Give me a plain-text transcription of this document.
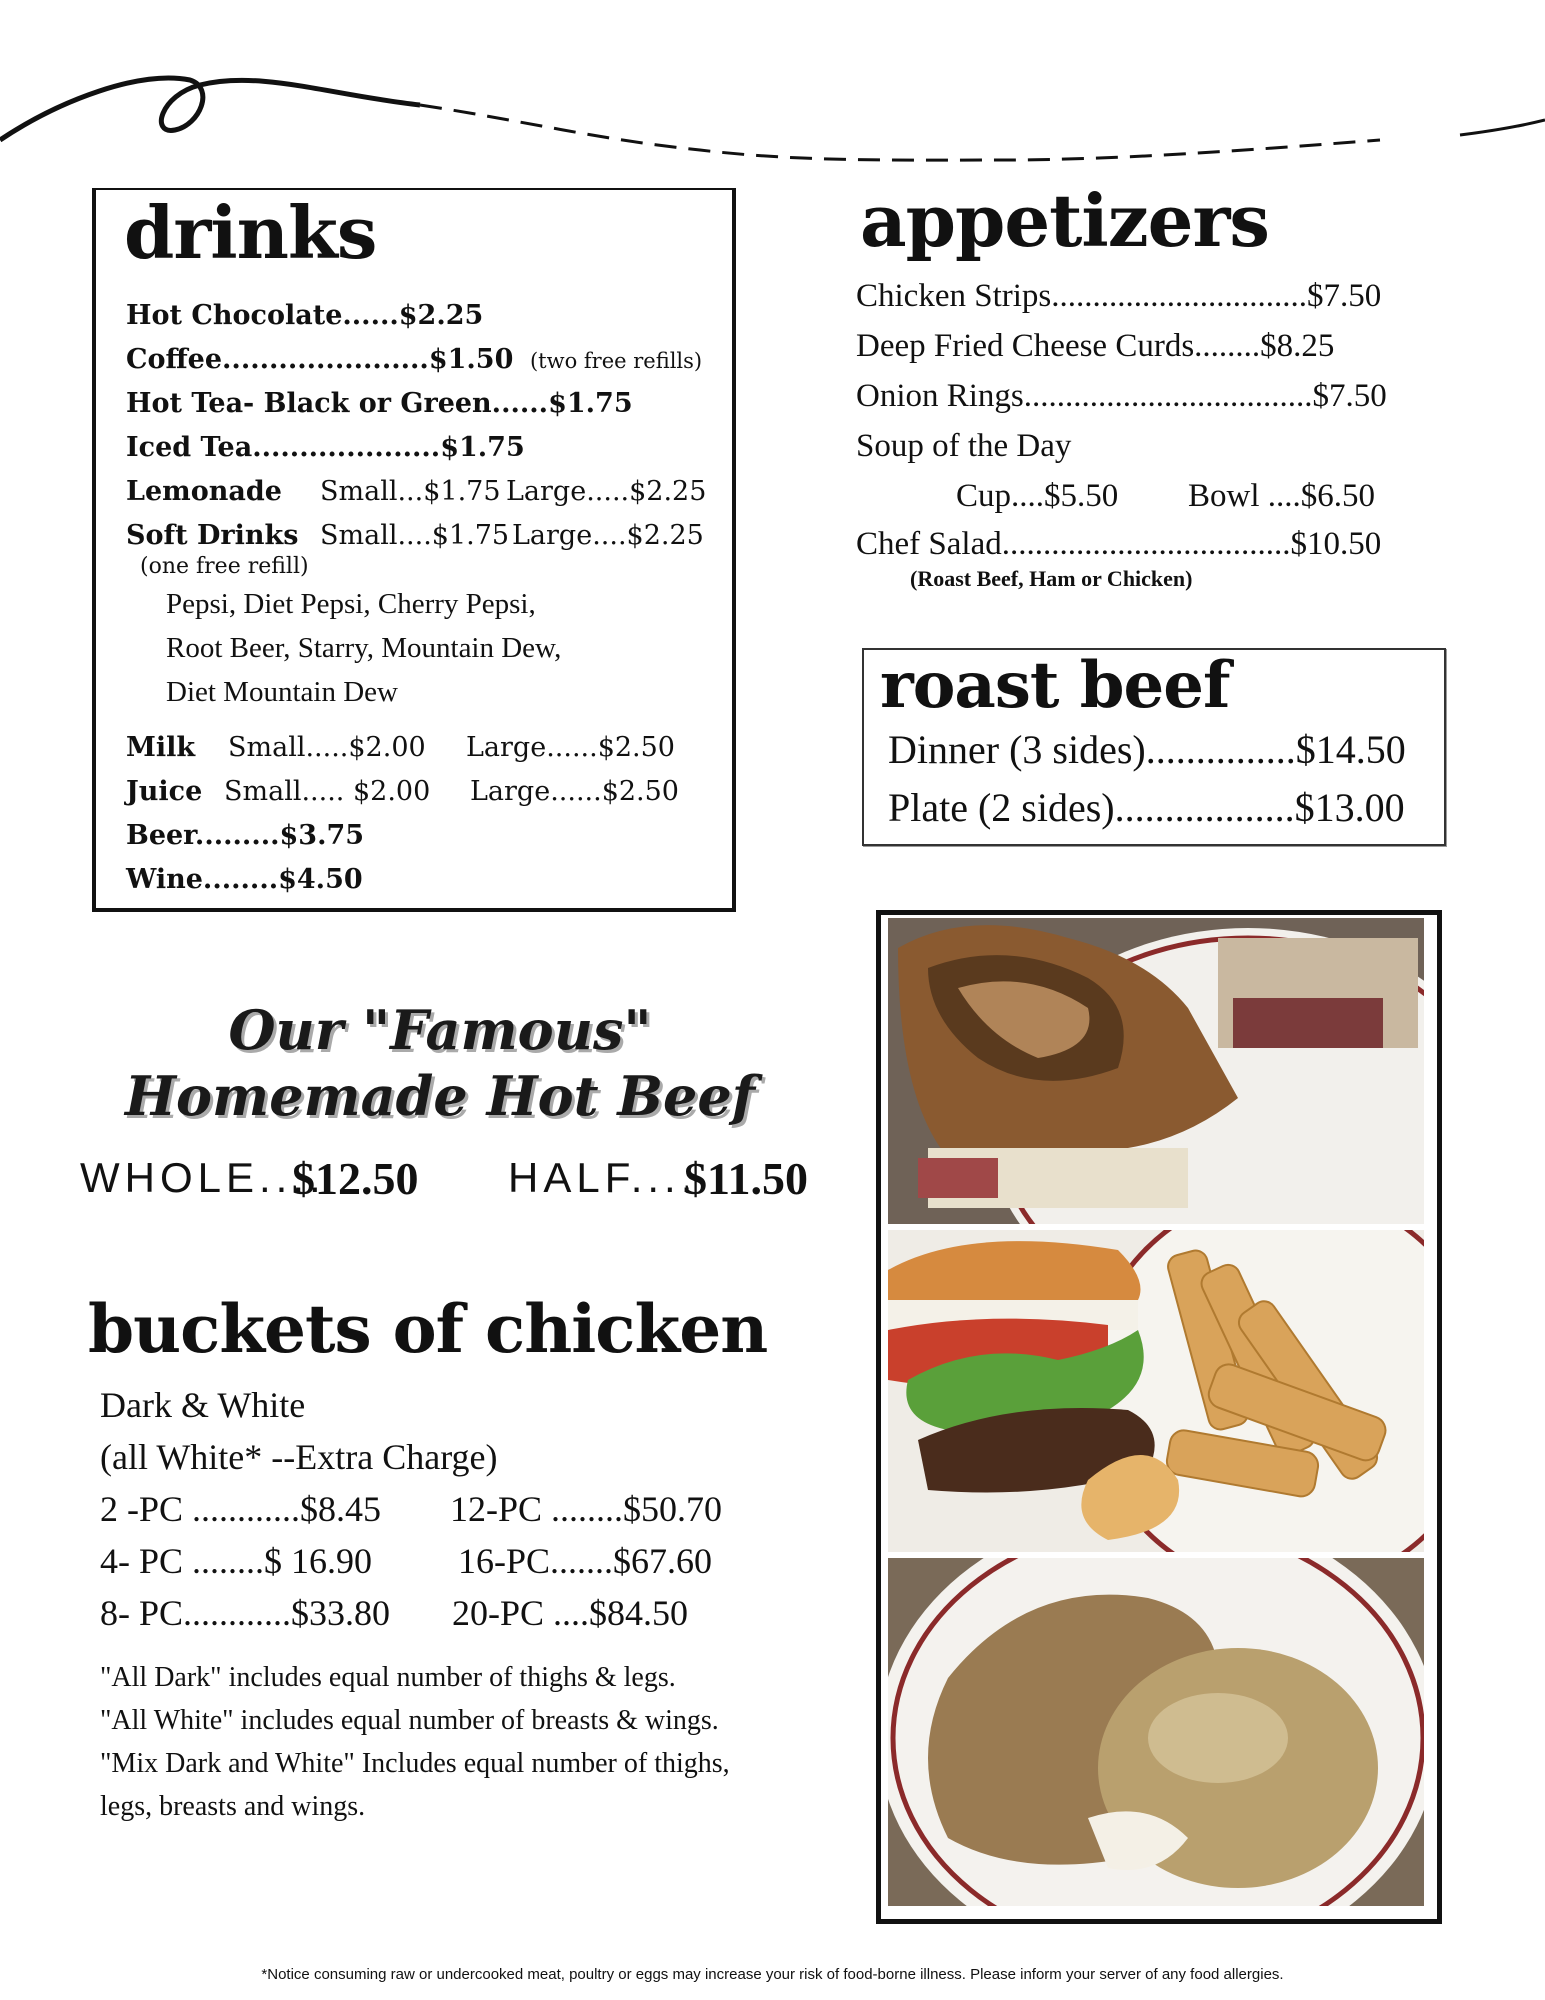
drinks
Hot Chocolate......$2.25
Coffee......................$1.50 (two free refills)
Hot Tea- Black or Green......$1.75
Iced Tea....................$1.75
Lemonade Small...$1.75 Large.....$2.25
Soft Drinks Small....$1.75 Large....$2.25
(one free refill)
Pepsi, Diet Pepsi, Cherry Pepsi,
Root Beer, Starry, Mountain Dew,
Diet Mountain Dew
Milk Small.....$2.00 Large......$2.50
Juice Small..... $2.00 Large......$2.50
Beer.........$3.75
Wine........$4.50
appetizers
Chicken Strips...............................$7.50
Deep Fried Cheese Curds........$8.25
Onion Rings...................................$7.50
Soup of the Day
Cup....$5.50 Bowl ....$6.50
Chef Salad...................................$10.50
(Roast Beef, Ham or Chicken)
roast beef
Dinner (3 sides)...............$14.50
Plate (2 sides)..................$13.00
Our "Famous"
Homemade Hot Beef
WHOLE....
$12.50 HALF....
$11.50
buckets of chicken
Dark & White
(all White* --Extra Charge)
2 -PC ............$8.45
4- PC ........$ 16.90
8- PC............$33.80
12-PC ........$50.70
16-PC.......$67.60
20-PC ....$84.50
"All Dark" includes equal number of thighs & legs.
"All White" includes equal number of breasts & wings.
"Mix Dark and White" Includes equal number of thighs,
legs, breasts and wings.
*Notice consuming raw or undercooked meat, poultry or eggs may increase your risk of food-borne illness. Please inform your server of any food allergies.
